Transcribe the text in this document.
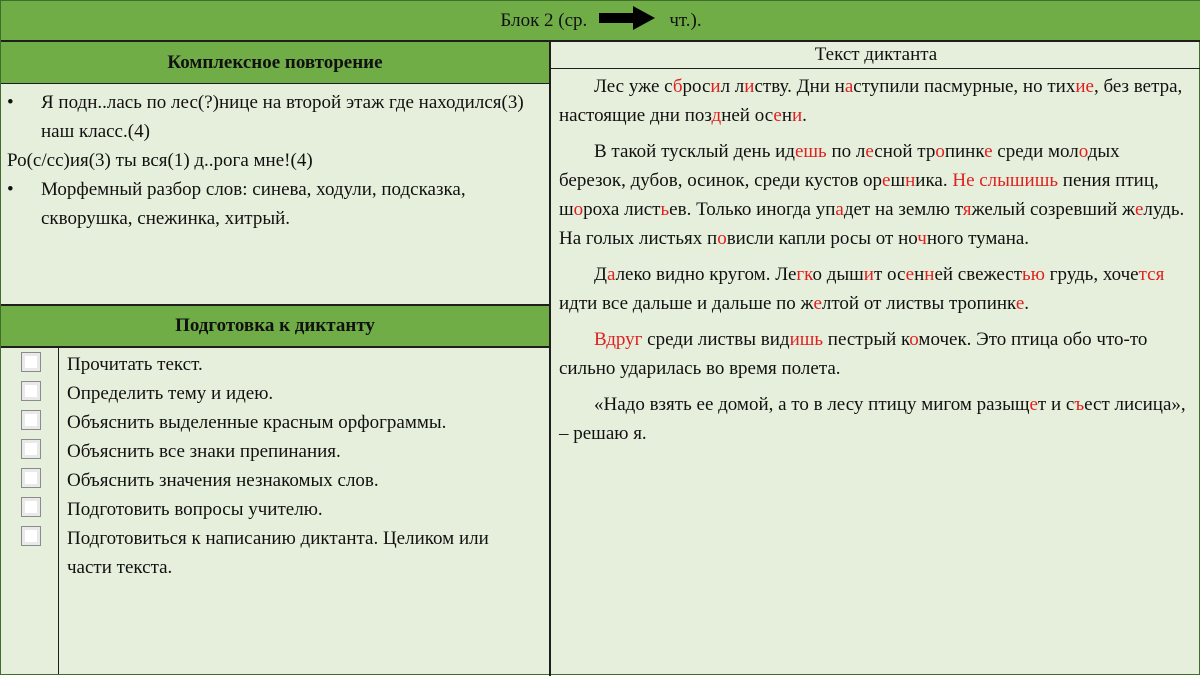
Блок 2 (ср.	чт.).
Комплексное повторение
•	Я подн..лась по лес(?)нице на второй этаж где находился(3) наш класс.(4)
Ро(с/сс)ия(3) ты вся(1) д..рога мне!(4)
•	Морфемный разбор слов: синева, ходули, подсказка, скворушка, снежинка, хитрый.
Подготовка к диктанту
Прочитать текст.
Определить тему и идею.
Объяснить выделенные красным орфограммы.
Объяснить все знаки препинания.
Объяснить значения незнакомых слов.
Подготовить вопросы учителю.
Подготовиться к написанию диктанта. Целиком или части текста.
Текст диктанта

Лес уже сбросил листву. Дни наступили пасмурные, но тихие, без ветра, настоящие дни поздней осени.

В такой тусклый день идешь по лесной тропинке среди молодых березок, дубов, осинок, среди кустов орешника. Не слышишь пения птиц, шороха листьев. Только иногда упадет на землю тяжелый созревший желудь. На голых листьях повисли капли росы от ночного тумана.

Далеко видно кругом. Легко дышит осенней свежестью грудь, хочется идти все дальше и дальше по желтой от листвы тропинке.

Вдруг среди листвы видишь пестрый комочек. Это птица обо что-то сильно ударилась во время полета.

«Надо взять ее домой, а то в лесу птицу мигом разыщет и съест лисица», – решаю я.
